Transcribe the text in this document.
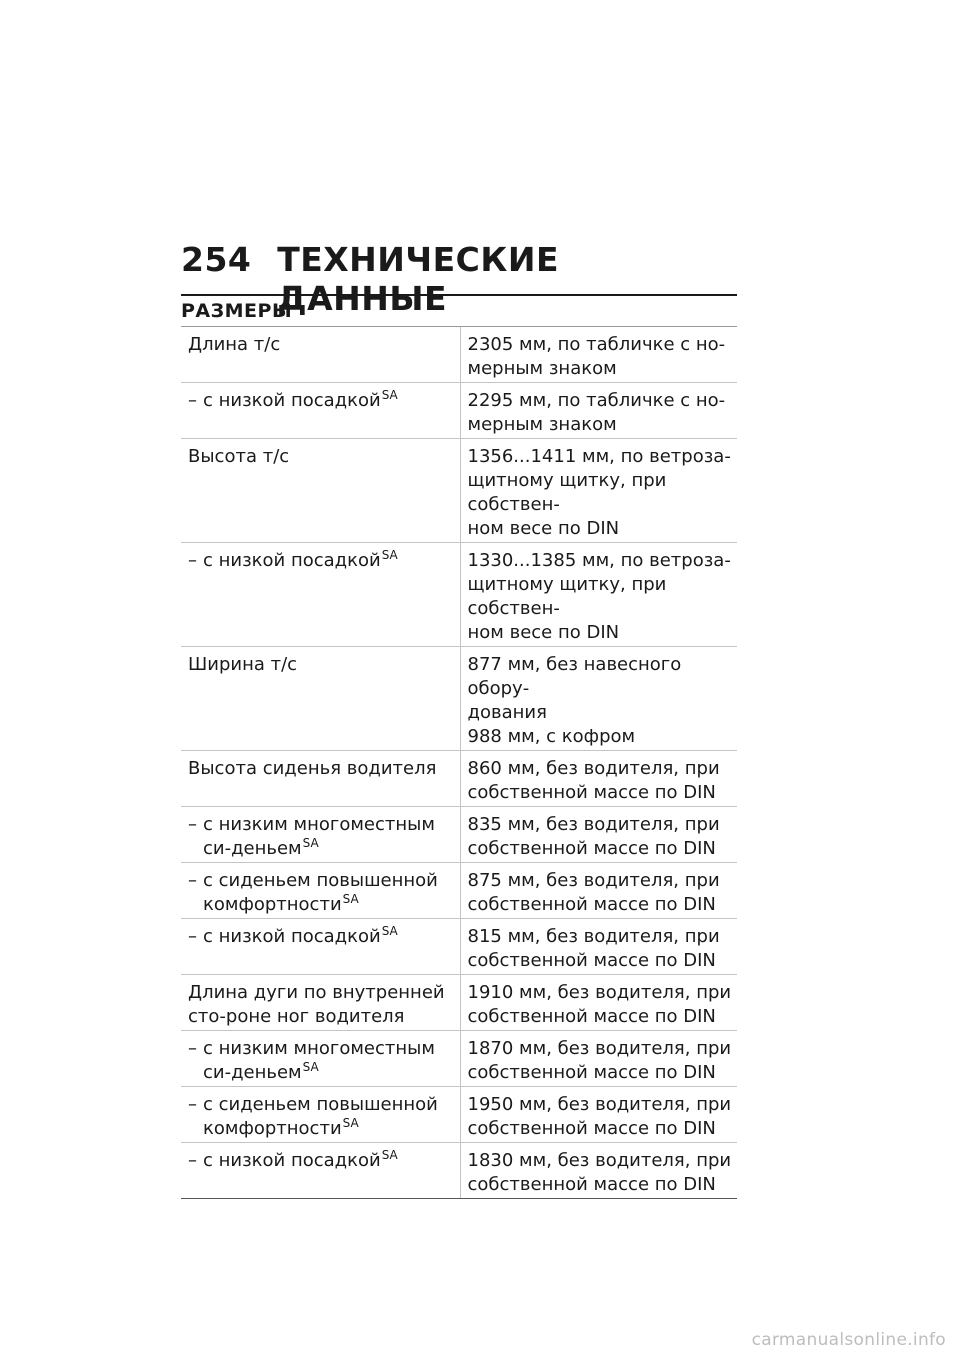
254 ТЕХНИЧЕСКИЕ ДАННЫЕ
РАЗМЕРЫ
Длина т/с	2305 мм, по табличке с но-
мерным знаком

– с низкой посадкой$^{SA}$	2295 мм, по табличке с но-
мерным знаком

Высота т/с	1356...1411 мм, по ветроза-
щитному щитку, при собствен-
ном весе по DIN

– с низкой посадкой$^{SA}$	1330...1385 мм, по ветроза-
щитному щитку, при собствен-
ном весе по DIN

Ширина т/с	877 мм, без навесного обору-
дования
988 мм, с кофром

Высота сиденья водителя	860 мм, без водителя, при
собственной массе по DIN

– с низким многоместным си-деньем$^{SA}$	835 мм, без водителя, при
собственной массе по DIN

– с сиденьем повышенной комфортности$^{SA}$	875 мм, без водителя, при
собственной массе по DIN

– с низкой посадкой$^{SA}$	815 мм, без водителя, при
собственной массе по DIN

Длина дуги по внутренней сто-роне ног водителя	1910 мм, без водителя, при
собственной массе по DIN

– с низким многоместным си-деньем$^{SA}$	1870 мм, без водителя, при
собственной массе по DIN

– с сиденьем повышенной комфортности$^{SA}$	1950 мм, без водителя, при
собственной массе по DIN

– с низкой посадкой$^{SA}$	1830 мм, без водителя, при
собственной массе по DIN
carmanualsonline.info
